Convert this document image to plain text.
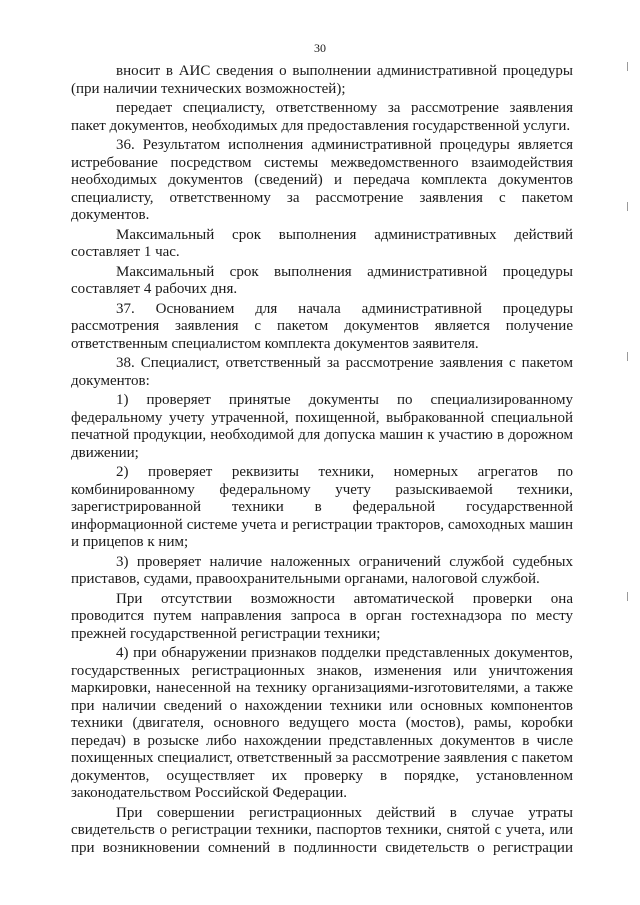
30

вносит в АИС сведения о выполнении административной процедуры (при наличии технических возможностей);

передает специалисту, ответственному за рассмотрение заявления пакет документов, необходимых для предоставления государственной услуги.

36. Результатом исполнения административной процедуры является истребование посредством системы межведомственного взаимодействия необходимых документов (сведений) и передача комплекта документов специалисту, ответственному за рассмотрение заявления с пакетом документов.

Максимальный срок выполнения административных действий составляет 1 час.

Максимальный срок выполнения административной процедуры составляет 4 рабочих дня.

37. Основанием для начала административной процедуры рассмотрения заявления с пакетом документов является получение ответственным специалистом комплекта документов заявителя.

38. Специалист, ответственный за рассмотрение заявления с пакетом документов:

1) проверяет принятые документы по специализированному федеральному учету утраченной, похищенной, выбракованной специальной печатной продукции, необходимой для допуска машин к участию в дорожном движении;

2) проверяет реквизиты техники, номерных агрегатов по комбинированному федеральному учету разыскиваемой техники, зарегистрированной техники в федеральной государственной информационной системе учета и регистрации тракторов, самоходных машин и прицепов к ним;

3) проверяет наличие наложенных ограничений службой судебных приставов, судами, правоохранительными органами, налоговой службой.

При отсутствии возможности автоматической проверки она проводится путем направления запроса в орган гостехнадзора по месту прежней государственной регистрации техники;

4) при обнаружении признаков подделки представленных документов, государственных регистрационных знаков, изменения или уничтожения маркировки, нанесенной на технику организациями-изготовителями, а также при наличии сведений о нахождении техники или основных компонентов техники (двигателя, основного ведущего моста (мостов), рамы, коробки передач) в розыске либо нахождении представленных документов в числе похищенных специалист, ответственный за рассмотрение заявления с пакетом документов, осуществляет их проверку в порядке, установленном законодательством Российской Федерации.

При совершении регистрационных действий в случае утраты свидетельств о регистрации техники, паспортов техники, снятой с учета, или при возникновении сомнений в подлинности свидетельств о регистрации
